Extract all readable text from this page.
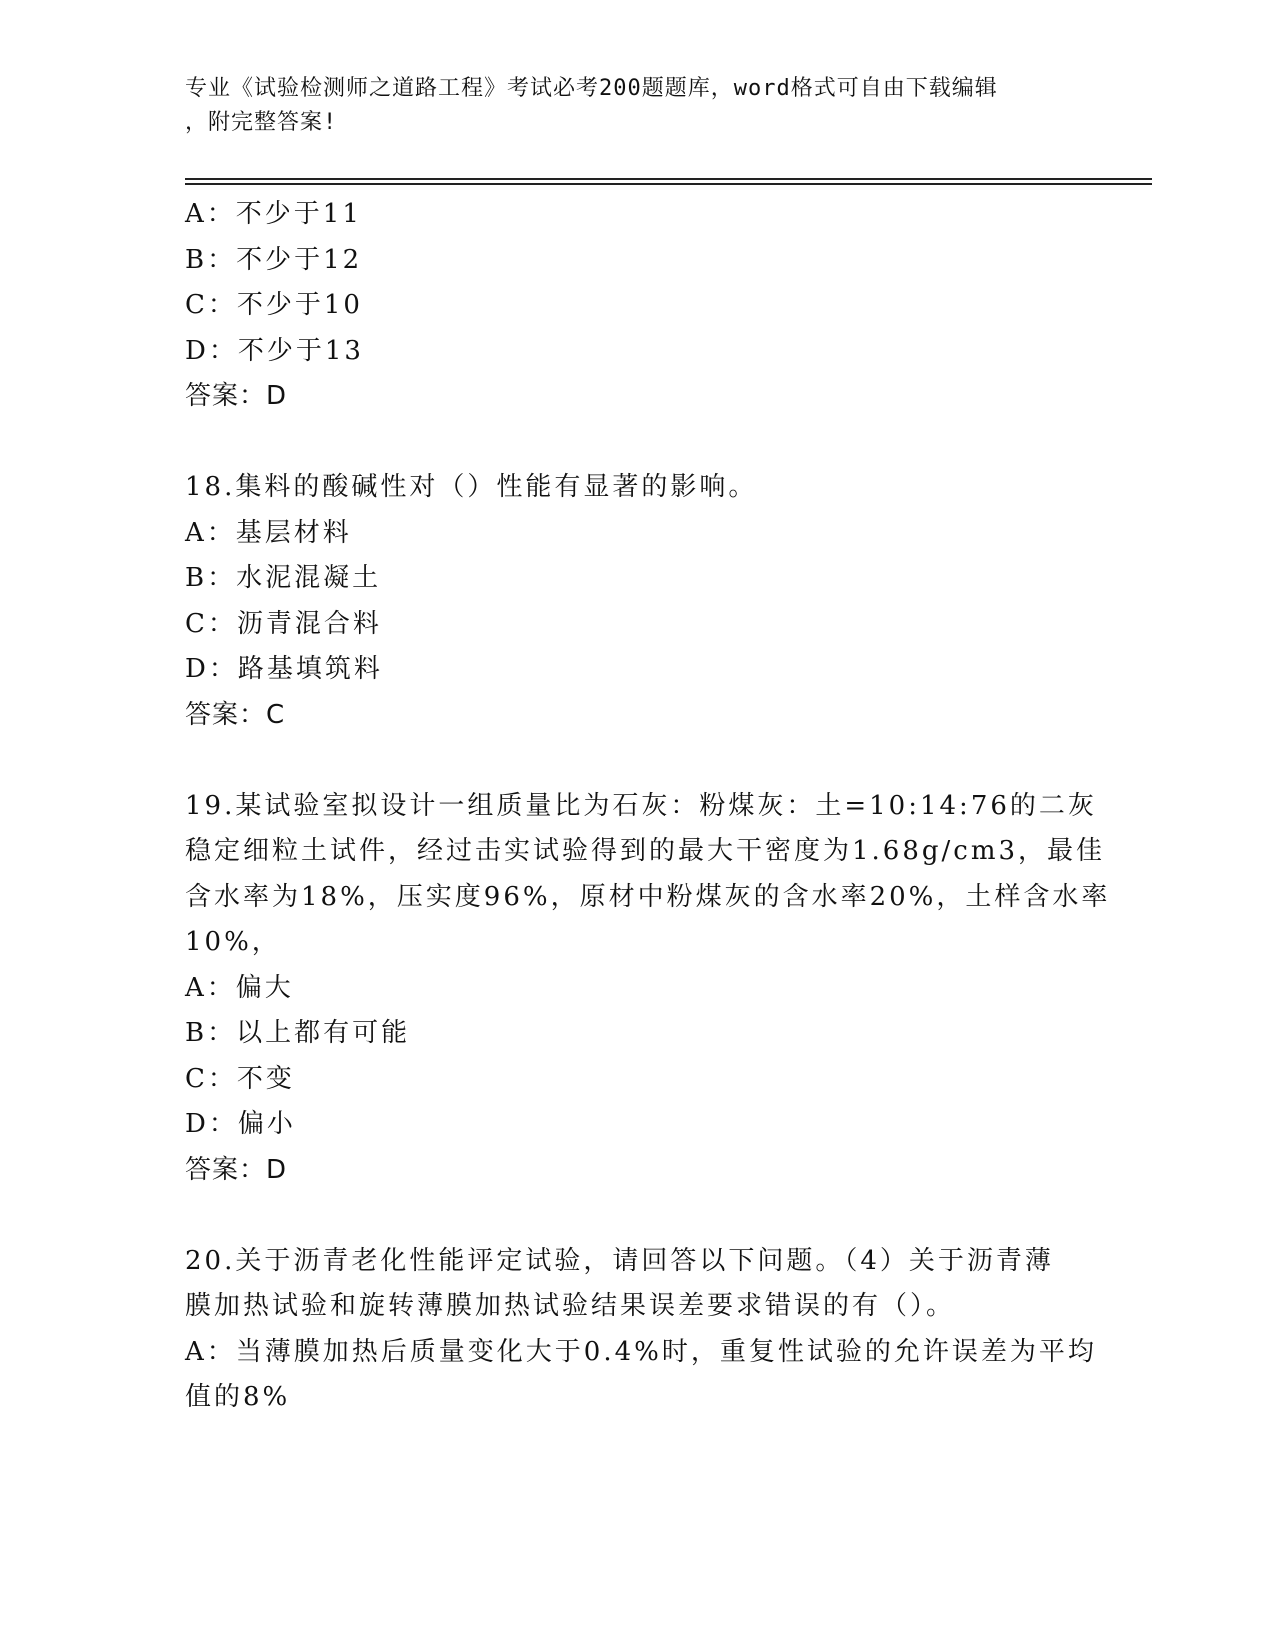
专业《试验检测师之道路工程》考试必考200题题库，word格式可自由下载编辑
，附完整答案!
A：不少于11
B：不少于12
C：不少于10
D：不少于13
答案：D
18.集料的酸碱性对（）性能有显著的影响。
A：基层材料
B：水泥混凝土
C：沥青混合料
D：路基填筑料
答案：C
19.某试验室拟设计一组质量比为石灰：粉煤灰：土=10:14:76的二灰
稳定细粒土试件，经过击实试验得到的最大干密度为1.68g/cm3，最佳
含水率为18%，压实度96%，原材中粉煤灰的含水率20%，土样含水率
10%，
A：偏大
B：以上都有可能
C：不变
D：偏小
答案：D
20.关于沥青老化性能评定试验，请回答以下问题。（4）关于沥青薄
膜加热试验和旋转薄膜加热试验结果误差要求错误的有（）。
A：当薄膜加热后质量变化大于0.4%时，重复性试验的允许误差为平均
值的8%
